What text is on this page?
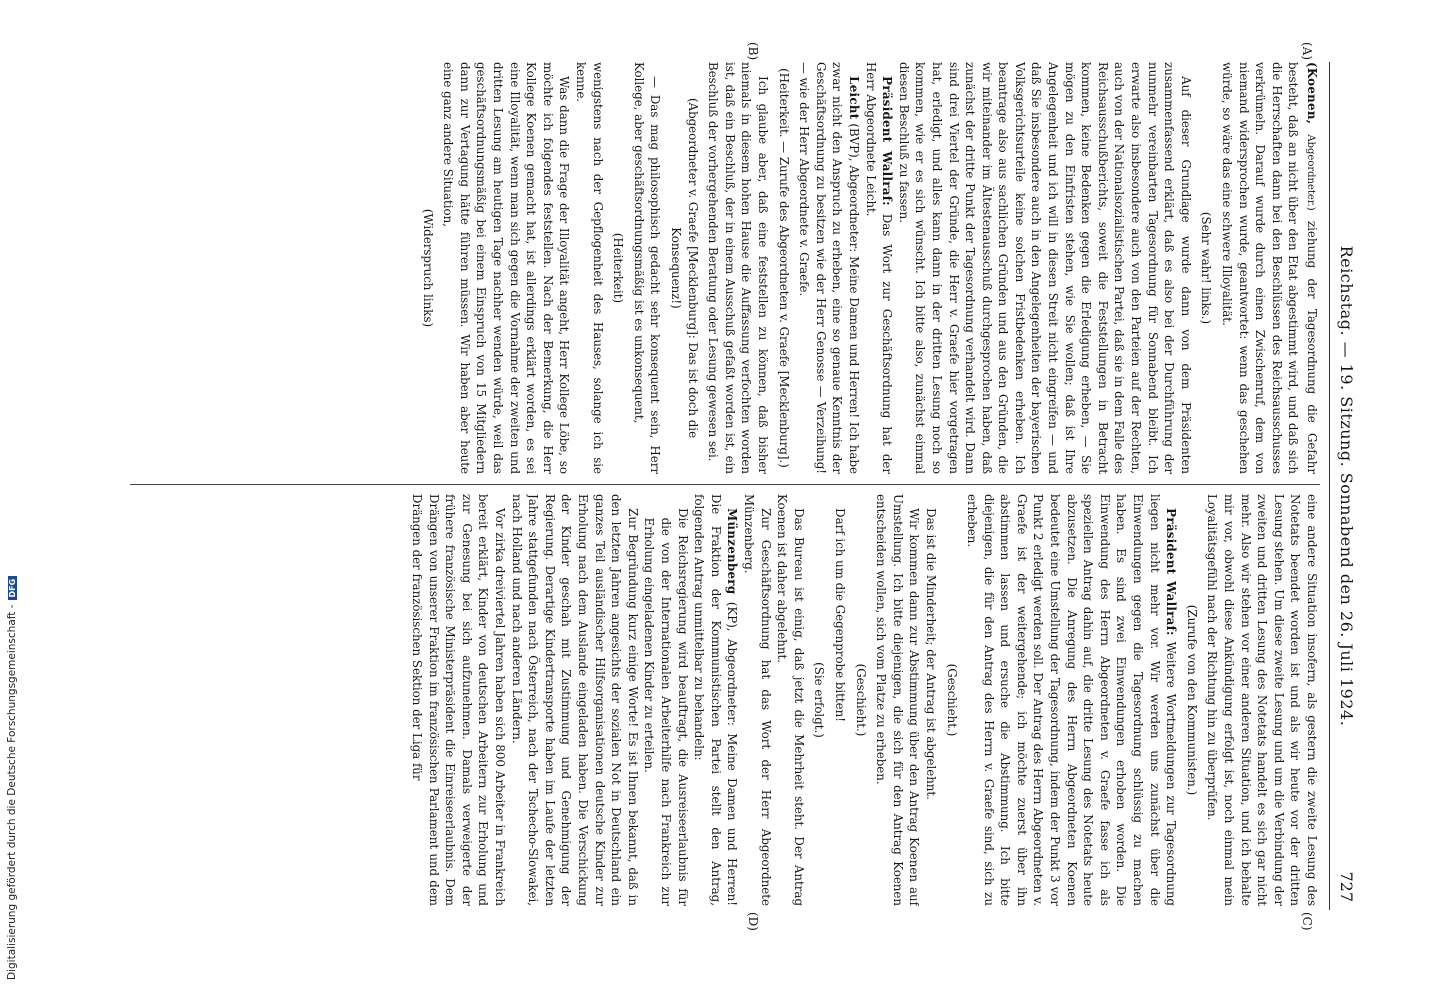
Reichstag. — 19. Sitzung. Sonnabend den 26. Juli 1924.
727
(A)
(B)
(C)
(D)

(Koenen, Abgeordneter.) ziehung der Tagesordnung die Gefahr besteht, daß an nicht über den Etat abgestimmt wird, und daß sich die Herrschaften dann bei den Beschlüssen des Reichsausschusses verkrümeln. Darauf wurde durch einen Zwischenruf, dem von niemand widersprochen wurde, geantwortet: wenn das geschehen würde, so wäre das eine schwere Illoyalität.

(Sehr wahr! links.)

Auf dieser Grundlage wurde dann von dem Präsidenten zusammenfassend erklärt, daß es also bei der Durchführung der nunmehr vereinbarten Tagesordnung für Sonnabend bleibt. Ich erwarte also insbesondere auch von den Parteien auf der Rechten, auch von der Nationalsozialistischen Partei, daß sie in dem Falle des Reichsausschußberichts, soweit die Feststellungen in Betracht kommen, keine Bedenken gegen die Erledigung erheben, — Sie mögen zu den Einfristen stehen, wie Sie wollen; daß ist Ihre Angelegenheit und ich will in diesen Streit nicht eingreifen — und daß Sie insbesondere auch in den Angelegenheiten der bayerischen Volksgerichtsurteile keine solchen Fristbedenken erheben. Ich beantrage also aus sachlichen Gründen und aus den Gründen, die wir miteinander im Ältestenausschuß durchgesprochen haben, daß zunächst der dritte Punkt der Tagesordnung verhandelt wird. Dann sind drei Viertel der Gründe, die Herr v. Graefe hier vorgetragen hat, erledigt, und alles kann dann in der dritten Lesung noch so kommen, wie er es sich wünscht. Ich bitte also, zunächst einmal diesen Beschluß zu fassen.

Präsident Wallraf: Das Wort zur Geschäftsordnung hat der Herr Abgeordnete Leicht.

Leicht (BVP), Abgeordneter: Meine Damen und Herren! Ich habe zwar nicht den Anspruch zu erheben, eine so genaue Kenntnis der Geschäftsordnung zu besitzen wie der Herr Genosse — Verzeihung! — wie der Herr Abgeordnete v. Graefe.

(Heiterkeit. — Zurufe des Abgeordneten v. Graefe [Mecklenburg].)

Ich glaube aber, daß eine feststellen zu können, daß bisher niemals in diesem hohen Hause die Auffassung verfochten worden ist, daß ein Beschluß, der in einem Ausschuß gefaßt worden ist, ein Beschluß der vorhergehenden Beratung oder Lesung gewesen sei.

(Abgeordneter v. Graefe [Mecklenburg]: Das ist doch die Konsequenz!)

— Das mag philosophisch gedacht sehr konsequent sein, Herr Kollege, aber geschäftsordnungsmäßig ist es unkonsequent,

(Heiterkeit)

wenigstens nach der Gepflogenheit des Hauses, solange ich sie kenne.

Was dann die Frage der Illoyalität angeht, Herr Kollege Löbe, so möchte ich folgendes feststellen. Nach der Bemerkung, die Herr Kollege Koenen gemacht hat, ist allerdings erklärt worden, es sei eine Illoyalität, wenn man sich gegen die Vornahme der zweiten und dritten Lesung am heutigen Tage nachher wenden würde, weil das geschäftsordnungsmäßig bei einem Einspruch von 15 Mitgliedern dann zur Vertagung hätte führen müssen. Wir haben aber heute eine ganz andere Situation,

(Widerspruch links)

eine andere Situation insofern, als gestern die zweite Lesung des Notetats beendet worden ist und als wir heute vor der dritten Lesung stehen. Um diese zweite Lesung und um die Verbindung der zweiten und dritten Lesung des Notetats handelt es sich gar nicht mehr. Also wir stehen vor einer anderen Situation, und ich behalte mir vor, obwohl diese Ankündigung erfolgt ist, noch einmal mein Loyalitätsgefühl nach der Richtung hin zu überprüfen.

(Zurufe von den Kommunisten.)

Präsident Wallraf: Weitere Wortmeldungen zur Tagesordnung liegen nicht mehr vor. Wir werden uns zunächst über die Einwendungen gegen die Tagesordnung schlüssig zu machen haben. Es sind zwei Einwendungen erhoben worden. Die Einwendung des Herrn Abgeordneten v. Graefe fasse ich als speziellen Antrag dahin auf, die dritte Lesung des Notetats heute abzusetzen. Die Anregung des Herrn Abgeordneten Koenen bedeutet eine Umstellung der Tagesordnung, indem der Punkt 3 vor Punkt 2 erledigt werden soll. Der Antrag des Herrn Abgeordneten v. Graefe ist der weitergehende; ich möchte zuerst über ihn abstimmen lassen und ersuche die Abstimmung. Ich bitte diejenigen, die für den Antrag des Herrn v. Graefe sind, sich zu erheben.

(Geschieht.)

Das ist die Minderheit; der Antrag ist abgelehnt.

Wir kommen dann zur Abstimmung über den Antrag Koenen auf Umstellung. Ich bitte diejenigen, die sich für den Antrag Koenen entscheiden wollen, sich vom Platze zu erheben.

(Geschieht.)

Darf ich um die Gegenprobe bitten!

(Sie erfolgt.)

Das Bureau ist einig, daß jetzt die Mehrheit steht. Der Antrag Koenen ist daher abgelehnt.

Zur Geschäftsordnung hat das Wort der Herr Abgeordnete Münzenberg.

Münzenberg (KP), Abgeordneter: Meine Damen und Herren! Die Fraktion der Kommunistischen Partei stellt den Antrag, folgenden Antrag unmittelbar zu behandeln:

Die Reichsregierung wird beauftragt, die Ausreiseerlaubnis für die von der Internationalen Arbeiterhilfe nach Frankreich zur Erholung eingeladenen Kinder zu erteilen.

Zur Begründung kurz einige Worte! Es ist Ihnen bekannt, daß in den letzten Jahren angesichts der sozialen Not in Deutschland ein ganzes Teil ausländischer Hilfsorganisationen deutsche Kinder zur Erholung nach dem Auslande eingeladen haben. Die Verschickung der Kinder geschah mit Zustimmung und Genehmigung der Regierung. Derartige Kindertransporte haben im Laufe der letzten Jahre stattgefunden nach Österreich, nach der Tschecho-Slowakei, nach Holland und nach anderen Ländern.

Vor zirka dreiviertel Jahren haben sich 800 Arbeiter in Frankreich bereit erklärt, Kinder von deutschen Arbeitern zur Erholung und zur Genesung bei sich aufzunehmen. Damals verweigerte der frühere französische Ministerpräsident die Einreiseerlaubnis. Dem Drängen von unserer Fraktion im französischen Parlament und dem Drängen der französischen Sektion der Liga für

Digitalisierung gefördert durch die Deutsche Forschungsgemeinschaft -DFG
